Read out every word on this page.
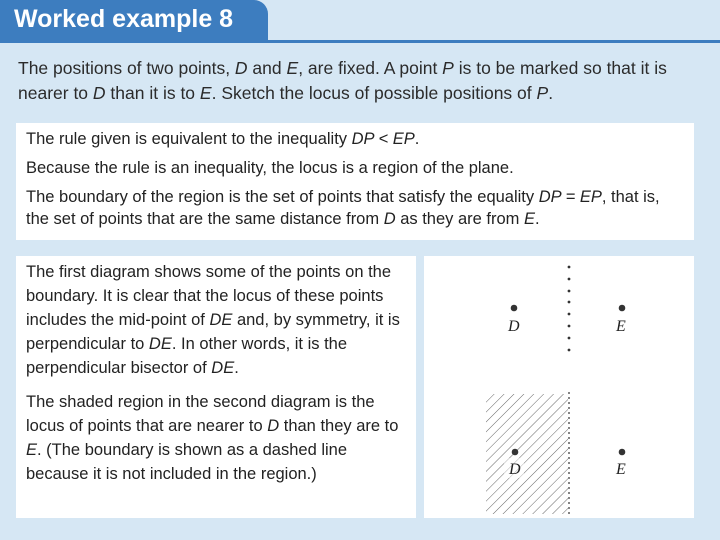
Worked example 8
The positions of two points, D and E, are fixed. A point P is to be marked so that it is nearer to D than it is to E. Sketch the locus of possible positions of P.

The rule given is equivalent to the inequality DP < EP.

Because the rule is an inequality, the locus is a region of the plane.

The boundary of the region is the set of points that satisfy the equality DP = EP, that is, the set of points that are the same distance from D as they are from E.

The first diagram shows some of the points on the boundary. It is clear that the locus of these points includes the mid-point of DE and, by symmetry, it is perpendicular to DE. In other words, it is the perpendicular bisector of DE.

The shaded region in the second diagram is the locus of points that are nearer to D than they are to E. (The boundary is shown as a dashed line because it is not included in the region.)

D	E
D	E
